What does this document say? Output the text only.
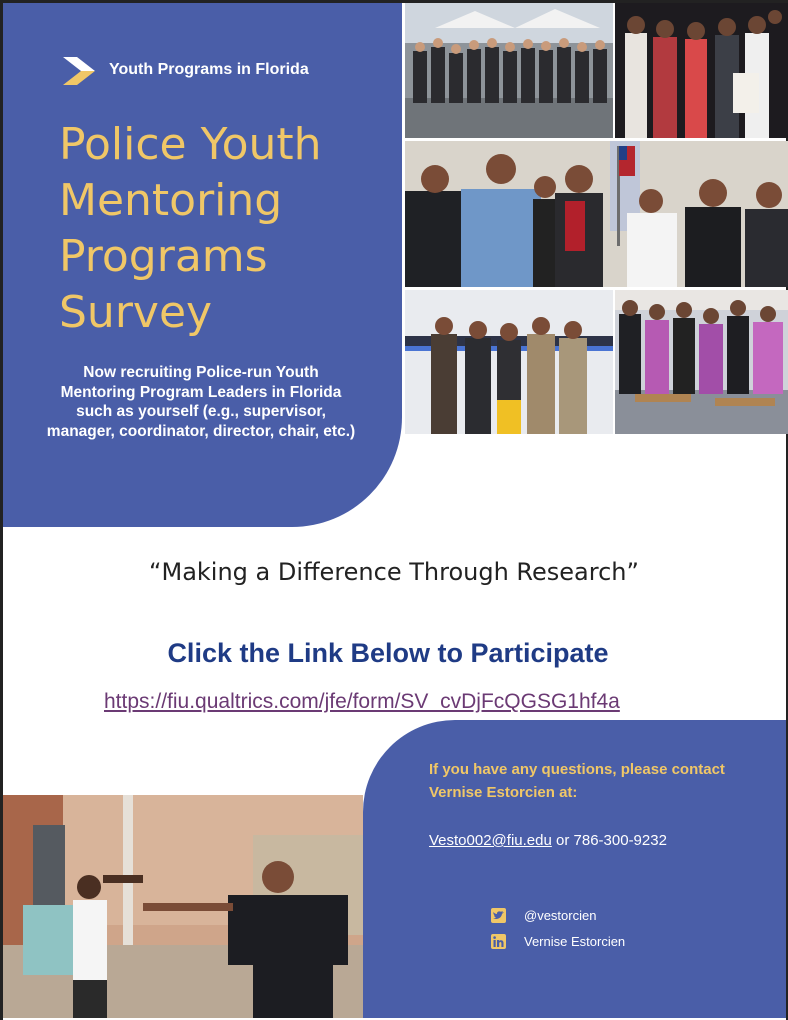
Youth Programs in Florida
Police Youth
Mentoring
Programs
Survey
Now recruiting Police-run Youth Mentoring Program Leaders in Florida such as yourself (e.g., supervisor, manager, coordinator, director, chair, etc.)
“Making a Difference Through Research”
Click the Link Below to Participate
https://fiu.qualtrics.com/jfe/form/SV_cvDjFcQGSG1hf4a
If you have any questions, please contact Vernise Estorcien at:
Vesto002@fiu.edu or 786-300-9232
@vestorcien
Vernise Estorcien
